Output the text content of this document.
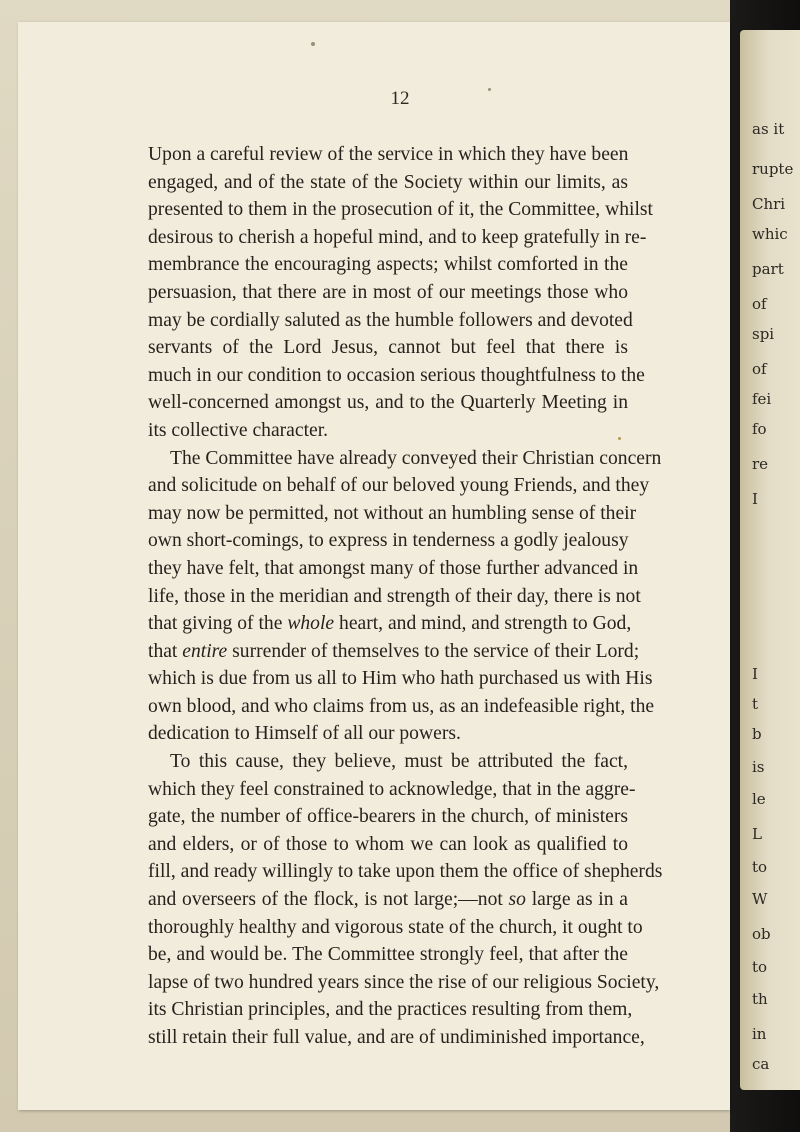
as it
rupte
Chri
whic
part
of
spi
of
fei
fo
re
I
I
t
b
is
le
L
to
W
ob
to
th
in
ca
12
Upon a careful review of the service in which they have been
engaged, and of the state of the Society within our limits, as
presented to them in the prosecution of it, the Committee, whilst
desirous to cherish a hopeful mind, and to keep gratefully in re-
membrance the encouraging aspects; whilst comforted in the
persuasion, that there are in most of our meetings those who
may be cordially saluted as the humble followers and devoted
servants of the Lord Jesus, cannot but feel that there is
much in our condition to occasion serious thoughtfulness to the
well-concerned amongst us, and to the Quarterly Meeting in
its collective character.
The Committee have already conveyed their Christian concern
and solicitude on behalf of our beloved young Friends, and they
may now be permitted, not without an humbling sense of their
own short-comings, to express in tenderness a godly jealousy
they have felt, that amongst many of those further advanced in
life, those in the meridian and strength of their day, there is not
that giving of the whole heart, and mind, and strength to God,
that entire surrender of themselves to the service of their Lord;
which is due from us all to Him who hath purchased us with His
own blood, and who claims from us, as an indefeasible right, the
dedication to Himself of all our powers.
To this cause, they believe, must be attributed the fact,
which they feel constrained to acknowledge, that in the aggre-
gate, the number of office-bearers in the church, of ministers
and elders, or of those to whom we can look as qualified to
fill, and ready willingly to take upon them the office of shepherds
and overseers of the flock, is not large;—not so large as in a
thoroughly healthy and vigorous state of the church, it ought to
be, and would be. The Committee strongly feel, that after the
lapse of two hundred years since the rise of our religious Society,
its Christian principles, and the practices resulting from them,
still retain their full value, and are of undiminished importance,
